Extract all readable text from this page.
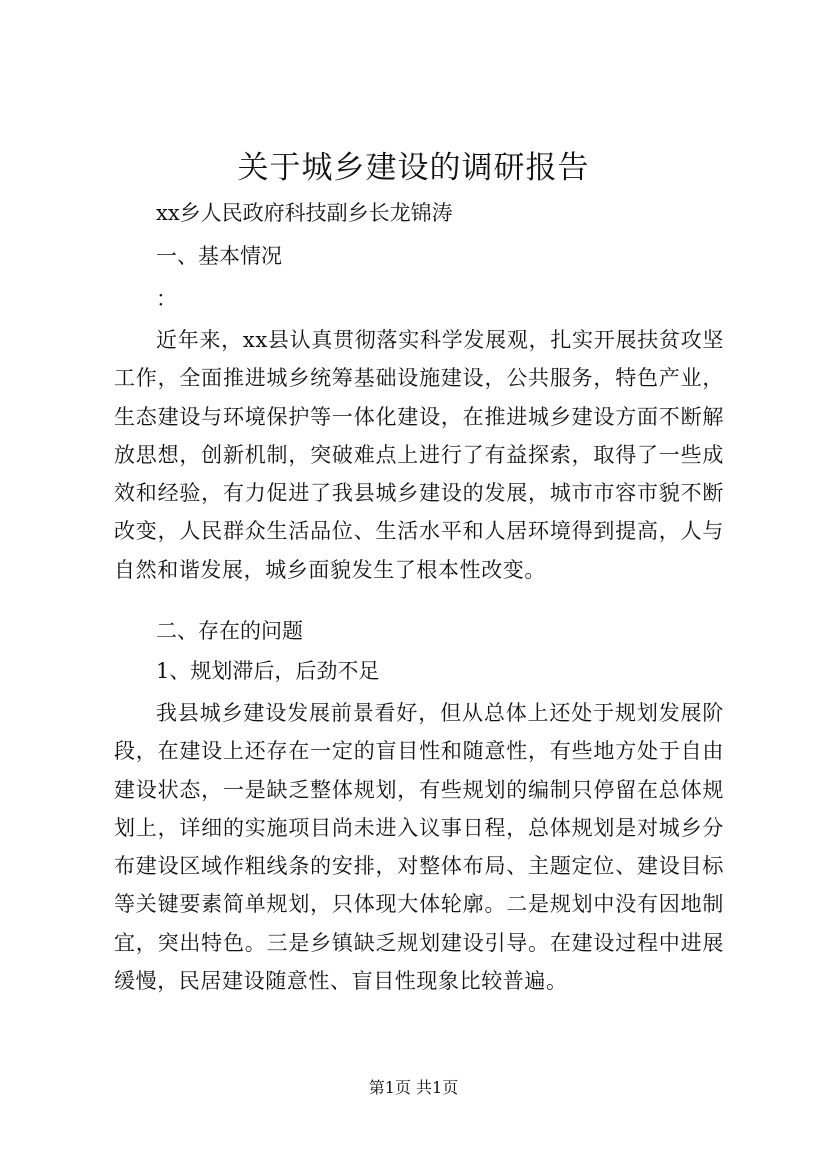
关于城乡建设的调研报告
xx乡人民政府科技副乡长龙锦涛
一、基本情况
：
近年来，xx县认真贯彻落实科学发展观，扎实开展扶贫攻坚工作，全面推进城乡统筹基础设施建设，公共服务，特色产业，生态建设与环境保护等一体化建设，在推进城乡建设方面不断解放思想，创新机制，突破难点上进行了有益探索，取得了一些成效和经验，有力促进了我县城乡建设的发展，城市市容市貌不断改变，人民群众生活品位、生活水平和人居环境得到提高，人与自然和谐发展，城乡面貌发生了根本性改变。
二、存在的问题
1、规划滞后，后劲不足
我县城乡建设发展前景看好，但从总体上还处于规划发展阶段，在建设上还存在一定的盲目性和随意性，有些地方处于自由建设状态，一是缺乏整体规划，有些规划的编制只停留在总体规划上，详细的实施项目尚未进入议事日程，总体规划是对城乡分布建设区域作粗线条的安排，对整体布局、主题定位、建设目标等关键要素简单规划，只体现大体轮廓。二是规划中没有因地制宜，突出特色。三是乡镇缺乏规划建设引导。在建设过程中进展缓慢，民居建设随意性、盲目性现象比较普遍。
第1页 共1页
